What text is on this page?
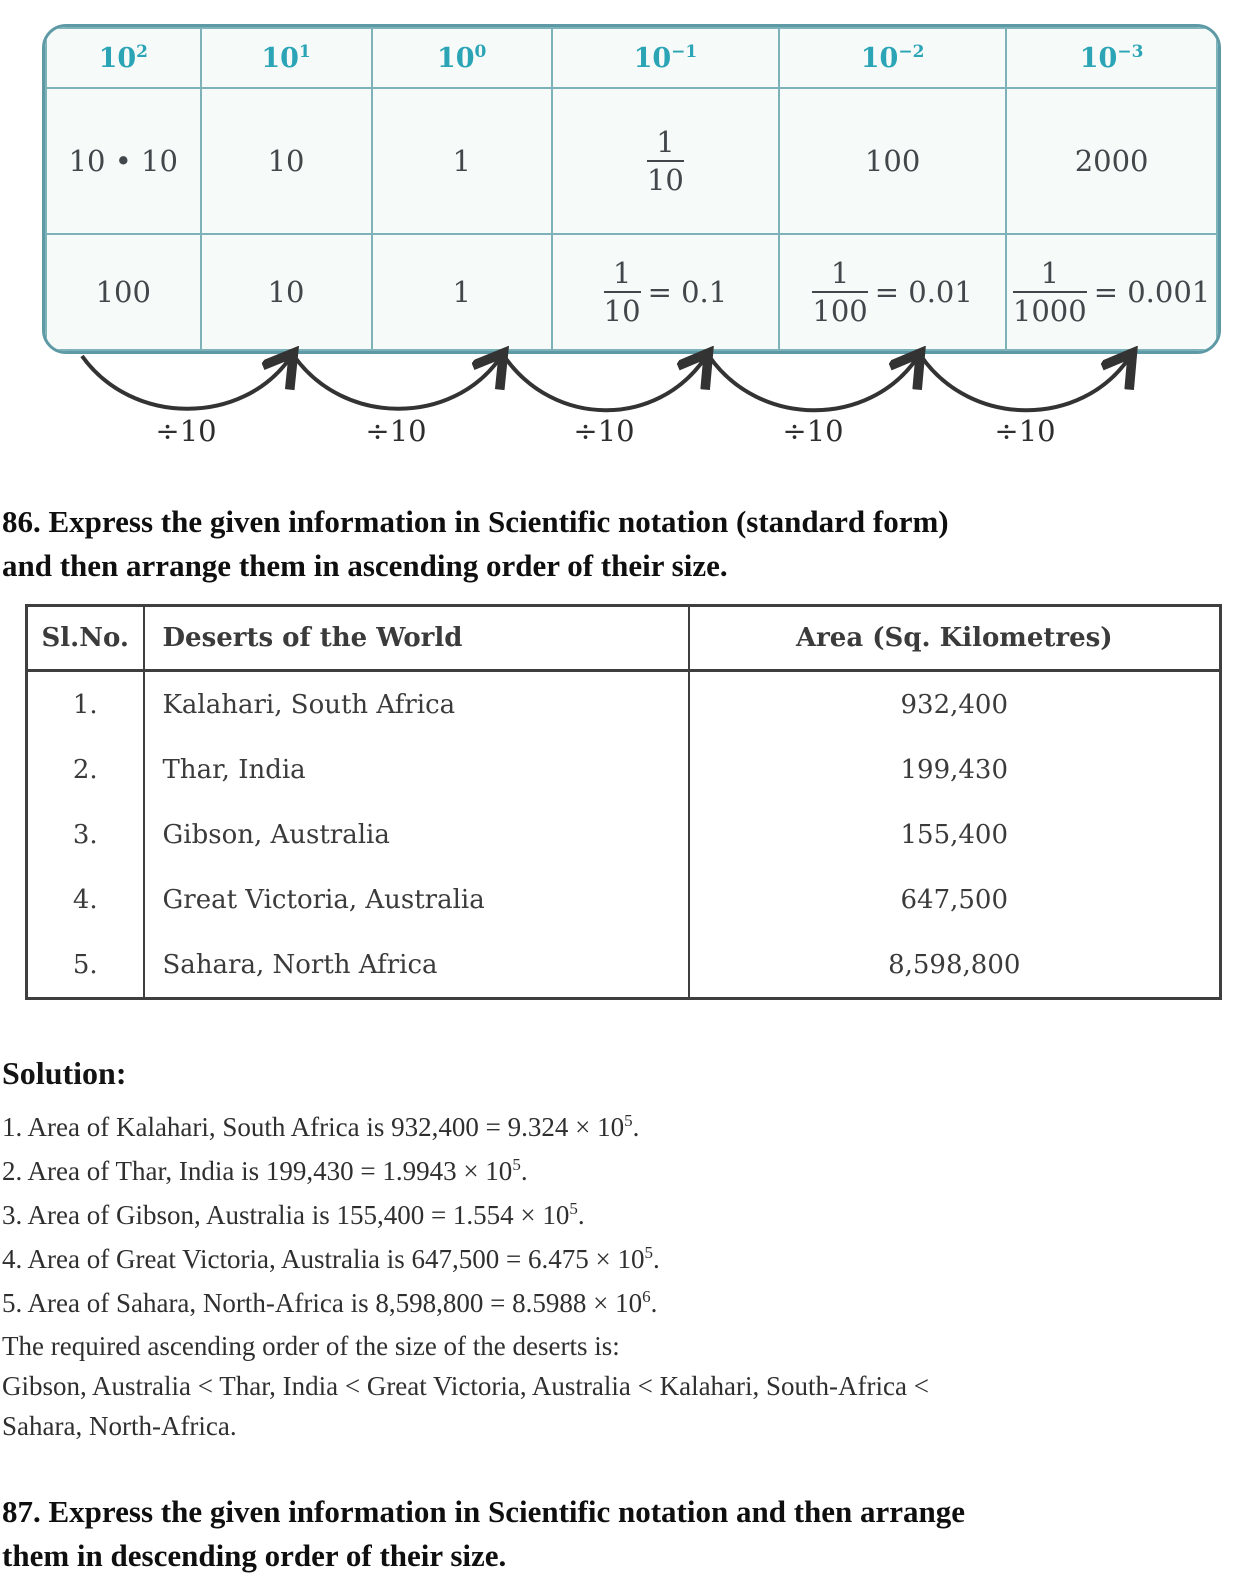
$10^2$	$10^1$	$10^0$	$10^{-1}$	$10^{-2}$	$10^{-3}$
10 • 10	10	1	$\frac{1}{10}$	100	2000
100	10	1	$\frac{1}{10} = 0.1$	$\frac{1}{100} = 0.01$	$\frac{1}{1000} = 0.001$
÷10	÷10	÷10	÷10	÷10
86. Express the given information in Scientific notation (standard form)
and then arrange them in ascending order of their size.
Sl.No.	Deserts of the World	Area (Sq. Kilometres)
1.	Kalahari, South Africa	932,400
2.	Thar, India	199,430
3.	Gibson, Australia	155,400
4.	Great Victoria, Australia	647,500
5.	Sahara, North Africa	8,598,800
Solution:
1. Area of Kalahari, South Africa is $932,400 = 9.324 \times 10^5$.
2. Area of Thar, India is $199,430 = 1.9943 \times 10^5$.
3. Area of Gibson, Australia is $155,400 = 1.554 \times 10^5$.
4. Area of Great Victoria, Australia is $647,500 = 6.475 \times 10^5$.
5. Area of Sahara, North-Africa is $8,598,800 = 8.5988 \times 10^6$.
The required ascending order of the size of the deserts is:
Gibson, Australia < Thar, India < Great Victoria, Australia < Kalahari, South-Africa <
Sahara, North-Africa.
87. Express the given information in Scientific notation and then arrange
them in descending order of their size.
